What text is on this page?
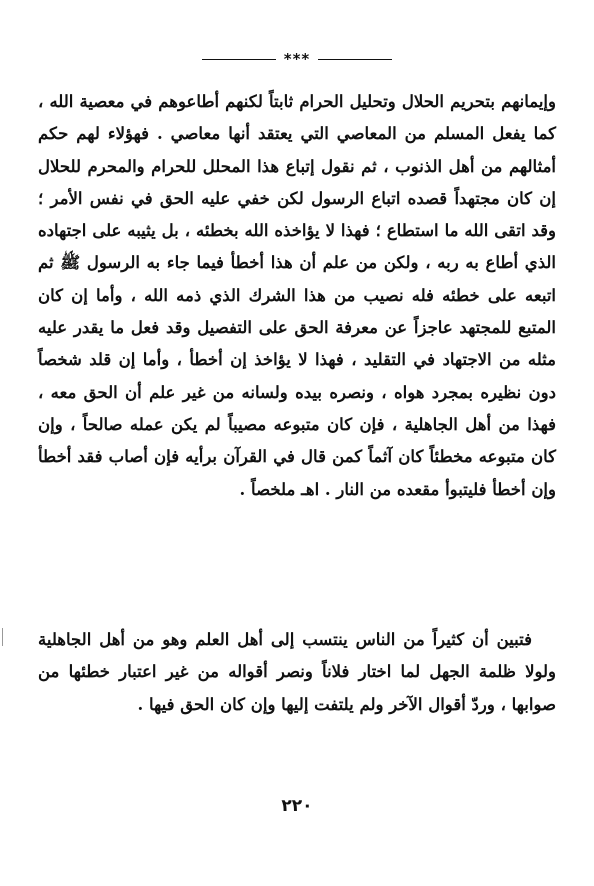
***

وإيمانهم بتحريم الحلال وتحليل الحرام ثابتاً لكنهم أطاعوهم في معصية الله ، كما يفعل المسلم من المعاصي التي يعتقد أنها معاصي . فهؤلاء لهم حكم أمثالهم من أهل الذنوب ، ثم نقول إتباع هذا المحلل للحرام والمحرم للحلال إن كان مجتهداً قصده اتباع الرسول لكن خفي عليه الحق في نفس الأمر ؛ وقد اتقى الله ما استطاع ؛ فهذا لا يؤاخذه الله بخطئه ، بل يثيبه على اجتهاده الذي أطاع به ربه ، ولكن من علم أن هذا أخطأ فيما جاء به الرسول ﷺ ثم اتبعه على خطئه فله نصيب من هذا الشرك الذي ذمه الله ، وأما إن كان المتبع للمجتهد عاجزاً عن معرفة الحق على التفصيل وقد فعل ما يقدر عليه مثله من الاجتهاد في التقليد ، فهذا لا يؤاخذ إن أخطأ ، وأما إن قلد شخصاً دون نظيره بمجرد هواه ، ونصره بيده ولسانه من غير علم أن الحق معه ، فهذا من أهل الجاهلية ، فإن كان متبوعه مصيباً لم يكن عمله صالحاً ، وإن كان متبوعه مخطئاً كان آثماً كمن قال في القرآن برأيه فإن أصاب فقد أخطأ وإن أخطأ فليتبوأ مقعده من النار . اهـ ملخصاً .

فتبين أن كثيراً من الناس ينتسب إلى أهل العلم وهو من أهل الجاهلية ولولا ظلمة الجهل لما اختار فلاناً ونصر أقواله من غير اعتبار خطئها من صوابها ، وردّ أقوال الآخر ولم يلتفت إليها وإن كان الحق فيها .

٢٢٠
